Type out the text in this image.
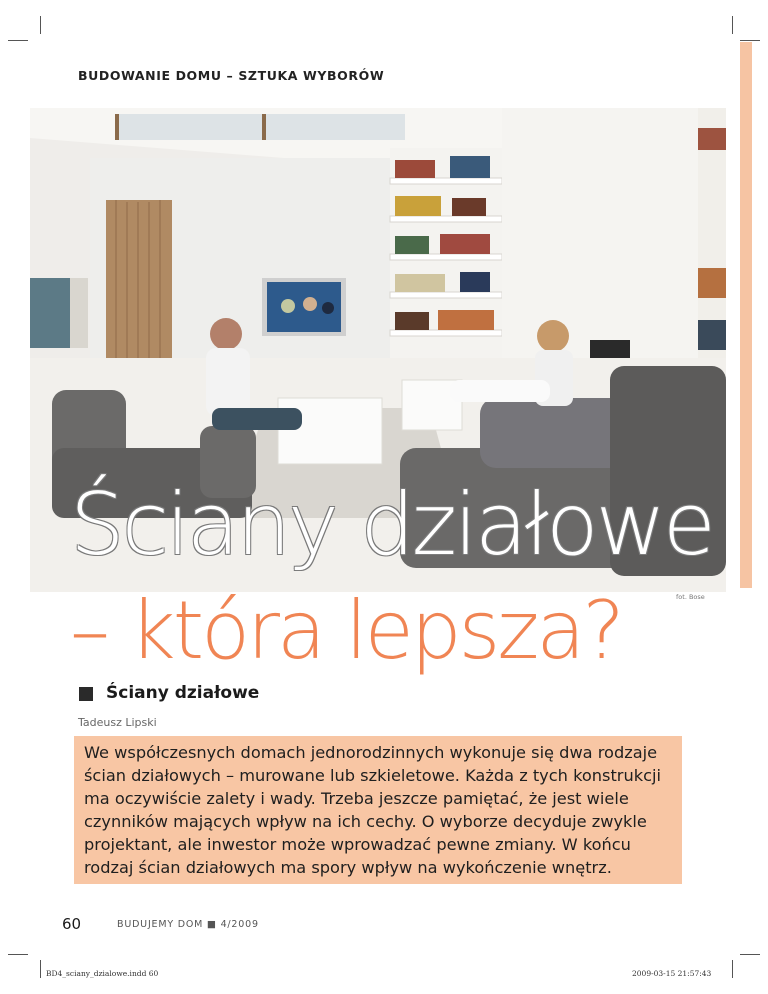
BUDOWANIE DOMU – SZTUKA WYBORÓW
fot. Bose
Ściany działowe
– która lepsza?
Ściany działowe
Tadeusz Lipski

We współczesnych domach jednorodzinnych wykonuje się dwa rodzaje ścian działowych – murowane lub szkieletowe. Każda z tych konstrukcji ma oczywiście zalety i wady. Trzeba jeszcze pamiętać, że jest wiele czynników mających wpływ na ich cechy. O wyborze decyduje zwykle projektant, ale inwestor może wprowadzać pewne zmiany. W końcu rodzaj ścian działowych ma spory wpływ na wykończenie wnętrz.

60	BUDUJEMY DOM ■ 4/2009
BD4_sciany_dzialowe.indd 60	2009-03-15 21:57:43
